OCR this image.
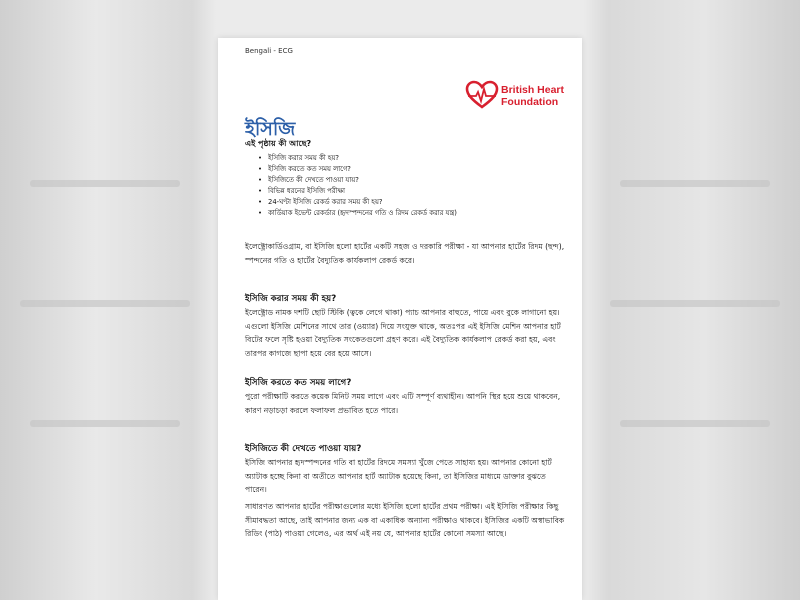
Bengali - ECG
British Heart
Foundation
ইসিজি
এই পৃষ্ঠায় কী আছে?
• ইসিজি করার সময় কী হয়?
• ইসিজি করতে কত সময় লাগে?
• ইসিজিতে কী দেখতে পাওয়া যায়?
• বিভিন্ন ধরনের ইসিজি পরীক্ষা
• 24-ঘণ্টা ইসিজি রেকর্ড করার সময় কী হয়?
• কার্ডিয়াক ইভেন্ট রেকর্ডার (হৃদস্পন্দনের গতি ও রিদম রেকর্ড করার যন্ত্র)

ইলেক্ট্রোকার্ডিওগ্রাম, বা ইসিজি হলো হার্টের একটি সহজ ও দরকারি পরীক্ষা - যা আপনার হার্টের রিদম (ছন্দ), স্পন্দনের গতি ও হার্টের বৈদ্যুতিক কার্যকলাপ রেকর্ড করে।

ইসিজি করার সময় কী হয়?

ইলেক্ট্রোড নামক দশটি ছোট স্টিকি (ত্বকে লেগে থাকা) প্যাচ আপনার বাহুতে, পায়ে এবং বুকে লাগানো হয়। এগুলো ইসিজি মেশিনের সাথে তার (ওয়্যার) দিয়ে সংযুক্ত থাকে, অতঃপর এই ইসিজি মেশিন আপনার হার্ট বিটের ফলে সৃষ্টি হওয়া বৈদ্যুতিক সংকেতগুলো গ্রহণ করে। এই বৈদ্যুতিক কার্যকলাপ রেকর্ড করা হয়, এবং তারপর কাগজে ছাপা হয়ে বের হয়ে আসে।

ইসিজি করতে কত সময় লাগে?

পুরো পরীক্ষাটি করতে কয়েক মিনিট সময় লাগে এবং এটি সম্পূর্ণ ব্যথাহীন। আপনি স্থির হয়ে শুয়ে থাকবেন, কারণ নড়াচড়া করলে ফলাফল প্রভাবিত হতে পারে।

ইসিজিতে কী দেখতে পাওয়া যায়?

ইসিজি আপনার হৃদস্পন্দনের গতি বা হার্টের রিদমে সমস্যা খুঁজে পেতে সাহায্য হয়। আপনার কোনো হার্ট অ্যাটাক হচ্ছে কিনা বা অতীতে আপনার হার্ট অ্যাটাক হয়েছে কিনা, তা ইসিজির মাধ্যমে ডাক্তার বুঝতে পারেন।

সাধারণত আপনার হার্টের পরীক্ষাগুলোর মধ্যে ইসিজি হলো হার্টের প্রথম পরীক্ষা। এই ইসিজি পরীক্ষার কিছু সীমাবদ্ধতা আছে, তাই আপনার জন্য এক বা একাধিক অন্যান্য পরীক্ষাও থাকবে। ইসিজির একটি অস্বাভাবিক রিডিং (পাঠ) পাওয়া গেলেও, এর অর্থ এই নয় যে, আপনার হার্টের কোনো সমস্যা আছে।
